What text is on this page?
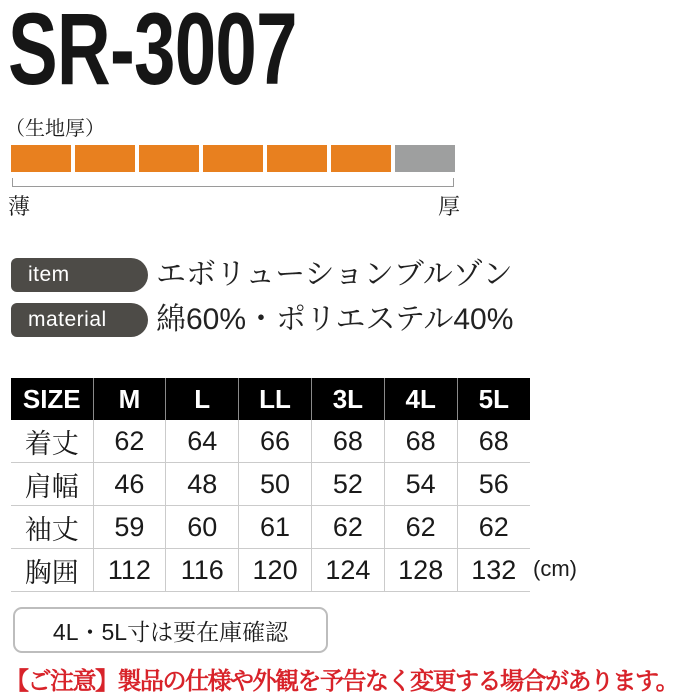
SR-3007
（生地厚）
薄	厚
item	エボリューションブルゾン
material	綿60%・ポリエステル40%
SIZE	M	L	LL	3L	4L	5L
着丈	62	64	66	68	68	68
肩幅	46	48	50	52	54	56
袖丈	59	60	61	62	62	62
胸囲	112	116	120	124	128	132 (cm)
4L・5L寸は要在庫確認
【ご注意】製品の仕様や外観を予告なく変更する場合があります。
